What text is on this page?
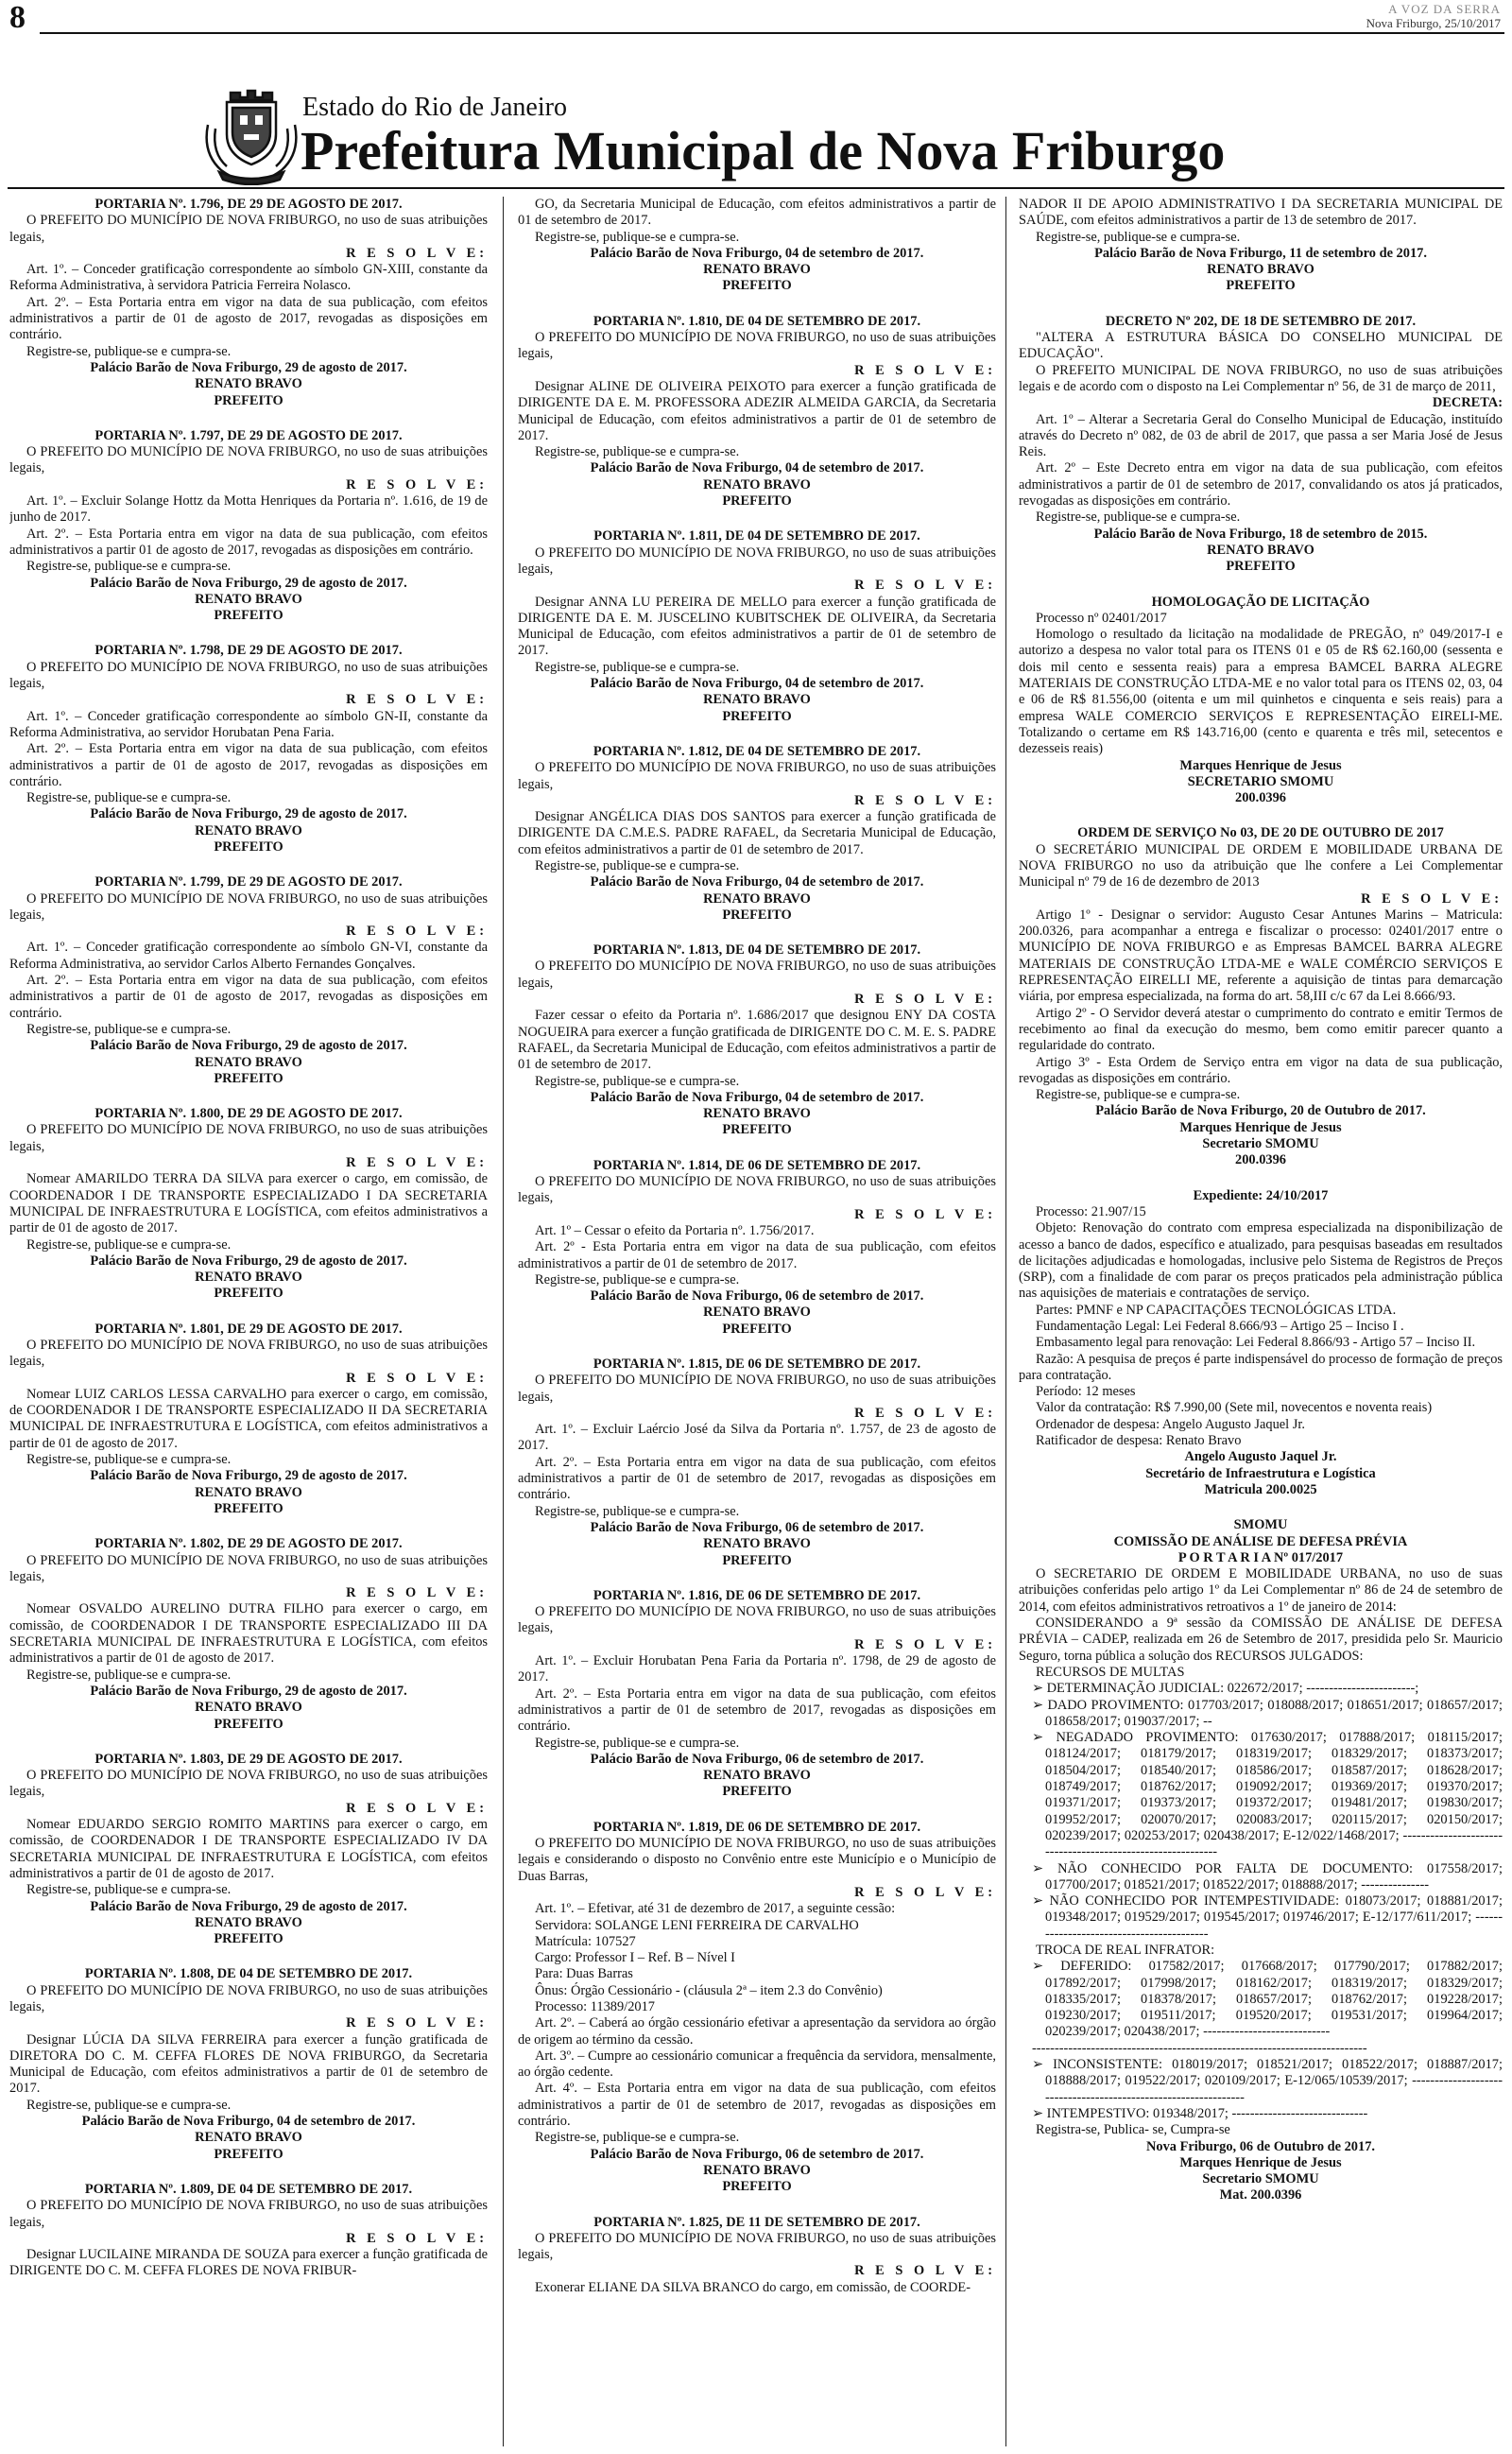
8	A VOZ DA SERRA
Nova Friburgo, 25/10/2017
Estado do Rio de Janeiro
Prefeitura Municipal de Nova Friburgo

PORTARIA Nº. 1.796, DE 29 DE AGOSTO DE 2017.

O PREFEITO DO MUNICÍPIO DE NOVA FRIBURGO, no uso de suas atribuições legais,

R E S O L V E:

Art. 1º. – Conceder gratificação correspondente ao símbolo GN-XIII, constante da Reforma Administrativa, à servidora Patricia Ferreira Nolasco.

Art. 2º. – Esta Portaria entra em vigor na data de sua publicação, com efeitos administrativos a partir de 01 de agosto de 2017, revogadas as disposições em contrário.

Registre-se, publique-se e cumpra-se.

Palácio Barão de Nova Friburgo, 29 de agosto de 2017.

RENATO BRAVO

PREFEITO

PORTARIA Nº. 1.797, DE 29 DE AGOSTO DE 2017.

O PREFEITO DO MUNICÍPIO DE NOVA FRIBURGO, no uso de suas atribuições legais,

R E S O L V E:

Art. 1º. – Excluir Solange Hottz da Motta Henriques da Portaria nº. 1.616, de 19 de junho de 2017.

Art. 2º. – Esta Portaria entra em vigor na data de sua publicação, com efeitos administrativos a partir 01 de agosto de 2017, revogadas as disposições em contrário.

Registre-se, publique-se e cumpra-se.

Palácio Barão de Nova Friburgo, 29 de agosto de 2017.

RENATO BRAVO

PREFEITO

PORTARIA Nº. 1.798, DE 29 DE AGOSTO DE 2017.

O PREFEITO DO MUNICÍPIO DE NOVA FRIBURGO, no uso de suas atribuições legais,

R E S O L V E:

Art. 1º. – Conceder gratificação correspondente ao símbolo GN-II, constante da Reforma Administrativa, ao servidor Horubatan Pena Faria.

Art. 2º. – Esta Portaria entra em vigor na data de sua publicação, com efeitos administrativos a partir de 01 de agosto de 2017, revogadas as disposições em contrário.

Registre-se, publique-se e cumpra-se.

Palácio Barão de Nova Friburgo, 29 de agosto de 2017.

RENATO BRAVO

PREFEITO

PORTARIA Nº. 1.799, DE 29 DE AGOSTO DE 2017.

O PREFEITO DO MUNICÍPIO DE NOVA FRIBURGO, no uso de suas atribuições legais,

R E S O L V E:

Art. 1º. – Conceder gratificação correspondente ao símbolo GN-VI, constante da Reforma Administrativa, ao servidor Carlos Alberto Fernandes Gonçalves.

Art. 2º. – Esta Portaria entra em vigor na data de sua publicação, com efeitos administrativos a partir de 01 de agosto de 2017, revogadas as disposições em contrário.

Registre-se, publique-se e cumpra-se.

Palácio Barão de Nova Friburgo, 29 de agosto de 2017.

RENATO BRAVO

PREFEITO

PORTARIA Nº. 1.800, DE 29 DE AGOSTO DE 2017.

O PREFEITO DO MUNICÍPIO DE NOVA FRIBURGO, no uso de suas atribuições legais,

R E S O L V E:

Nomear AMARILDO TERRA DA SILVA para exercer o cargo, em comissão, de COORDENADOR I DE TRANSPORTE ESPECIALIZADO I DA SECRETARIA MUNICIPAL DE INFRAESTRUTURA E LOGÍSTICA, com efeitos administrativos a partir de 01 de agosto de 2017.

Registre-se, publique-se e cumpra-se.

Palácio Barão de Nova Friburgo, 29 de agosto de 2017.

RENATO BRAVO

PREFEITO

PORTARIA Nº. 1.801, DE 29 DE AGOSTO DE 2017.

O PREFEITO DO MUNICÍPIO DE NOVA FRIBURGO, no uso de suas atribuições legais,

R E S O L V E:

Nomear LUIZ CARLOS LESSA CARVALHO para exercer o cargo, em comissão, de COORDENADOR I DE TRANSPORTE ESPECIALIZADO II DA SECRETARIA MUNICIPAL DE INFRAESTRUTURA E LOGÍSTICA, com efeitos administrativos a partir de 01 de agosto de 2017.

Registre-se, publique-se e cumpra-se.

Palácio Barão de Nova Friburgo, 29 de agosto de 2017.

RENATO BRAVO

PREFEITO

PORTARIA Nº. 1.802, DE 29 DE AGOSTO DE 2017.

O PREFEITO DO MUNICÍPIO DE NOVA FRIBURGO, no uso de suas atribuições legais,

R E S O L V E:

Nomear OSVALDO AURELINO DUTRA FILHO para exercer o cargo, em comissão, de COORDENADOR I DE TRANSPORTE ESPECIALIZADO III DA SECRETARIA MUNICIPAL DE INFRAESTRUTURA E LOGÍSTICA, com efeitos administrativos a partir de 01 de agosto de 2017.

Registre-se, publique-se e cumpra-se.

Palácio Barão de Nova Friburgo, 29 de agosto de 2017.

RENATO BRAVO

PREFEITO

PORTARIA Nº. 1.803, DE 29 DE AGOSTO DE 2017.

O PREFEITO DO MUNICÍPIO DE NOVA FRIBURGO, no uso de suas atribuições legais,

R E S O L V E:

Nomear EDUARDO SERGIO ROMITO MARTINS para exercer o cargo, em comissão, de COORDENADOR I DE TRANSPORTE ESPECIALIZADO IV DA SECRETARIA MUNICIPAL DE INFRAESTRUTURA E LOGÍSTICA, com efeitos administrativos a partir de 01 de agosto de 2017.

Registre-se, publique-se e cumpra-se.

Palácio Barão de Nova Friburgo, 29 de agosto de 2017.

RENATO BRAVO

PREFEITO

PORTARIA Nº. 1.808, DE 04 DE SETEMBRO DE 2017.

O PREFEITO DO MUNICÍPIO DE NOVA FRIBURGO, no uso de suas atribuições legais,

R E S O L V E:

Designar LÚCIA DA SILVA FERREIRA para exercer a função gratificada de DIRETORA DO C. M. CEFFA FLORES DE NOVA FRIBURGO, da Secretaria Municipal de Educação, com efeitos administrativos a partir de 01 de setembro de 2017.

Registre-se, publique-se e cumpra-se.

Palácio Barão de Nova Friburgo, 04 de setembro de 2017.

RENATO BRAVO

PREFEITO

PORTARIA Nº. 1.809, DE 04 DE SETEMBRO DE 2017.

O PREFEITO DO MUNICÍPIO DE NOVA FRIBURGO, no uso de suas atribuições legais,

R E S O L V E:

Designar LUCILAINE MIRANDA DE SOUZA para exercer a função gratificada de DIRIGENTE DO C. M. CEFFA FLORES DE NOVA FRIBUR-

GO, da Secretaria Municipal de Educação, com efeitos administrativos a partir de 01 de setembro de 2017.

Registre-se, publique-se e cumpra-se.

Palácio Barão de Nova Friburgo, 04 de setembro de 2017.

RENATO BRAVO

PREFEITO

PORTARIA Nº. 1.810, DE 04 DE SETEMBRO DE 2017.

O PREFEITO DO MUNICÍPIO DE NOVA FRIBURGO, no uso de suas atribuições legais,

R E S O L V E:

Designar ALINE DE OLIVEIRA PEIXOTO para exercer a função gratificada de DIRIGENTE DA E. M. PROFESSORA ADEZIR ALMEIDA GARCIA, da Secretaria Municipal de Educação, com efeitos administrativos a partir de 01 de setembro de 2017.

Registre-se, publique-se e cumpra-se.

Palácio Barão de Nova Friburgo, 04 de setembro de 2017.

RENATO BRAVO

PREFEITO

PORTARIA Nº. 1.811, DE 04 DE SETEMBRO DE 2017.

O PREFEITO DO MUNICÍPIO DE NOVA FRIBURGO, no uso de suas atribuições legais,

R E S O L V E:

Designar ANNA LU PEREIRA DE MELLO para exercer a função gratificada de DIRIGENTE DA E. M. JUSCELINO KUBITSCHEK DE OLIVEIRA, da Secretaria Municipal de Educação, com efeitos administrativos a partir de 01 de setembro de 2017.

Registre-se, publique-se e cumpra-se.

Palácio Barão de Nova Friburgo, 04 de setembro de 2017.

RENATO BRAVO

PREFEITO

PORTARIA Nº. 1.812, DE 04 DE SETEMBRO DE 2017.

O PREFEITO DO MUNICÍPIO DE NOVA FRIBURGO, no uso de suas atribuições legais,

R E S O L V E:

Designar ANGÉLICA DIAS DOS SANTOS para exercer a função gratificada de DIRIGENTE DA C.M.E.S. PADRE RAFAEL, da Secretaria Municipal de Educação, com efeitos administrativos a partir de 01 de setembro de 2017.

Registre-se, publique-se e cumpra-se.

Palácio Barão de Nova Friburgo, 04 de setembro de 2017.

RENATO BRAVO

PREFEITO

PORTARIA Nº. 1.813, DE 04 DE SETEMBRO DE 2017.

O PREFEITO DO MUNICÍPIO DE NOVA FRIBURGO, no uso de suas atribuições legais,

R E S O L V E:

Fazer cessar o efeito da Portaria nº. 1.686/2017 que designou ENY DA COSTA NOGUEIRA para exercer a função gratificada de DIRIGENTE DO C. M. E. S. PADRE RAFAEL, da Secretaria Municipal de Educação, com efeitos administrativos a partir de 01 de setembro de 2017.

Registre-se, publique-se e cumpra-se.

Palácio Barão de Nova Friburgo, 04 de setembro de 2017.

RENATO BRAVO

PREFEITO

PORTARIA Nº. 1.814, DE 06 DE SETEMBRO DE 2017.

O PREFEITO DO MUNICÍPIO DE NOVA FRIBURGO, no uso de suas atribuições legais,

R E S O L V E:

Art. 1º – Cessar o efeito da Portaria nº. 1.756/2017.

Art. 2º - Esta Portaria entra em vigor na data de sua publicação, com efeitos administrativos a partir de 01 de setembro de 2017.

Registre-se, publique-se e cumpra-se.

Palácio Barão de Nova Friburgo, 06 de setembro de 2017.

RENATO BRAVO

PREFEITO

PORTARIA Nº. 1.815, DE 06 DE SETEMBRO DE 2017.

O PREFEITO DO MUNICÍPIO DE NOVA FRIBURGO, no uso de suas atribuições legais,

R E S O L V E:

Art. 1º. – Excluir Laércio José da Silva da Portaria nº. 1.757, de 23 de agosto de 2017.

Art. 2º. – Esta Portaria entra em vigor na data de sua publicação, com efeitos administrativos a partir de 01 de setembro de 2017, revogadas as disposições em contrário.

Registre-se, publique-se e cumpra-se.

Palácio Barão de Nova Friburgo, 06 de setembro de 2017.

RENATO BRAVO

PREFEITO

PORTARIA Nº. 1.816, DE 06 DE SETEMBRO DE 2017.

O PREFEITO DO MUNICÍPIO DE NOVA FRIBURGO, no uso de suas atribuições legais,

R E S O L V E:

Art. 1º. – Excluir Horubatan Pena Faria da Portaria nº. 1798, de 29 de agosto de 2017.

Art. 2º. – Esta Portaria entra em vigor na data de sua publicação, com efeitos administrativos a partir de 01 de setembro de 2017, revogadas as disposições em contrário.

Registre-se, publique-se e cumpra-se.

Palácio Barão de Nova Friburgo, 06 de setembro de 2017.

RENATO BRAVO

PREFEITO

PORTARIA Nº. 1.819, DE 06 DE SETEMBRO DE 2017.

O PREFEITO DO MUNICÍPIO DE NOVA FRIBURGO, no uso de suas atribuições legais e considerando o disposto no Convênio entre este Município e o Município de Duas Barras,

R E S O L V E:

Art. 1º. – Efetivar, até 31 de dezembro de 2017, a seguinte cessão:

Servidora: SOLANGE LENI FERREIRA DE CARVALHO

Matrícula: 107527

Cargo: Professor I – Ref. B – Nível I

Para: Duas Barras

Ônus: Órgão Cessionário - (cláusula 2ª – item 2.3 do Convênio)

Processo: 11389/2017

Art. 2º. – Caberá ao órgão cessionário efetivar a apresentação da servidora ao órgão de origem ao término da cessão.

Art. 3º. – Cumpre ao cessionário comunicar a frequência da servidora, mensalmente, ao órgão cedente.

Art. 4º. – Esta Portaria entra em vigor na data de sua publicação, com efeitos administrativos a partir de 01 de setembro de 2017, revogadas as disposições em contrário.

Registre-se, publique-se e cumpra-se.

Palácio Barão de Nova Friburgo, 06 de setembro de 2017.

RENATO BRAVO

PREFEITO

PORTARIA Nº. 1.825, DE 11 DE SETEMBRO DE 2017.

O PREFEITO DO MUNICÍPIO DE NOVA FRIBURGO, no uso de suas atribuições legais,

R E S O L V E:

Exonerar ELIANE DA SILVA BRANCO do cargo, em comissão, de COORDE-

NADOR II DE APOIO ADMINISTRATIVO I DA SECRETARIA MUNICIPAL DE SAÚDE, com efeitos administrativos a partir de 13 de setembro de 2017.

Registre-se, publique-se e cumpra-se.

Palácio Barão de Nova Friburgo, 11 de setembro de 2017.

RENATO BRAVO

PREFEITO

DECRETO Nº 202, DE 18 DE SETEMBRO DE 2017.

"ALTERA A ESTRUTURA BÁSICA DO CONSELHO MUNICIPAL DE EDUCAÇÃO".

O PREFEITO MUNICIPAL DE NOVA FRIBURGO, no uso de suas atribuições legais e de acordo com o disposto na Lei Complementar nº 56, de 31 de março de 2011,

DECRETA:

Art. 1º – Alterar a Secretaria Geral do Conselho Municipal de Educação, instituído através do Decreto nº 082, de 03 de abril de 2017, que passa a ser Maria José de Jesus Reis.

Art. 2º – Este Decreto entra em vigor na data de sua publicação, com efeitos administrativos a partir de 01 de setembro de 2017, convalidando os atos já praticados, revogadas as disposições em contrário.

Registre-se, publique-se e cumpra-se.

Palácio Barão de Nova Friburgo, 18 de setembro de 2015.

RENATO BRAVO

PREFEITO

HOMOLOGAÇÃO DE LICITAÇÃO

Processo nº 02401/2017

Homologo o resultado da licitação na modalidade de PREGÃO, nº 049/2017-I e autorizo a despesa no valor total para os ITENS 01 e 05 de R$ 62.160,00 (sessenta e dois mil cento e sessenta reais) para a empresa BAMCEL BARRA ALEGRE MATERIAIS DE CONSTRUÇÃO LTDA-ME e no valor total para os ITENS 02, 03, 04 e 06 de R$ 81.556,00 (oitenta e um mil quinhetos e cinquenta e seis reais) para a empresa WALE COMERCIO SERVIÇOS E REPRESENTAÇÃO EIRELI-ME. Totalizando o certame em R$ 143.716,00 (cento e quarenta e três mil, setecentos e dezesseis reais)

Marques Henrique de Jesus

SECRETARIO SMOMU

200.0396

ORDEM DE SERVIÇO No 03, DE 20 DE OUTUBRO DE 2017

O SECRETÁRIO MUNICIPAL DE ORDEM E MOBILIDADE URBANA DE NOVA FRIBURGO no uso da atribuição que lhe confere a Lei Complementar Municipal nº 79 de 16 de dezembro de 2013

R E S O L V E:

Artigo 1º - Designar o servidor: Augusto Cesar Antunes Marins – Matricula: 200.0326, para acompanhar a entrega e fiscalizar o processo: 02401/2017 entre o MUNICÍPIO DE NOVA FRIBURGO e as Empresas BAMCEL BARRA ALEGRE MATERIAIS DE CONSTRUÇÃO LTDA-ME e WALE COMÉRCIO SERVIÇOS E REPRESENTAÇÃO EIRELLI ME, referente a aquisição de tintas para demarcação viária, por empresa especializada, na forma do art. 58,III c/c 67 da Lei 8.666/93.

Artigo 2º - O Servidor deverá atestar o cumprimento do contrato e emitir Termos de recebimento ao final da execução do mesmo, bem como emitir parecer quanto a regularidade do contrato.

Artigo 3º - Esta Ordem de Serviço entra em vigor na data de sua publicação, revogadas as disposições em contrário.

Registre-se, publique-se e cumpra-se.

Palácio Barão de Nova Friburgo, 20 de Outubro de 2017.

Marques Henrique de Jesus

Secretario SMOMU

200.0396

Expediente: 24/10/2017

Processo: 21.907/15

Objeto: Renovação do contrato com empresa especializada na disponibilização de acesso a banco de dados, específico e atualizado, para pesquisas baseadas em resultados de licitações adjudicadas e homologadas, inclusive pelo Sistema de Registros de Preços (SRP), com a finalidade de com parar os preços praticados pela administração pública nas aquisições de materiais e contratações de serviço.

Partes: PMNF e NP CAPACITAÇÕES TECNOLÓGICAS LTDA.

Fundamentação Legal: Lei Federal 8.666/93 – Artigo 25 – Inciso I .

Embasamento legal para renovação: Lei Federal 8.866/93 - Artigo 57 – Inciso II.

Razão: A pesquisa de preços é parte indispensável do processo de formação de preços para contratação.

Período: 12 meses

Valor da contratação: R$ 7.990,00 (Sete mil, novecentos e noventa reais)

Ordenador de despesa: Angelo Augusto Jaquel Jr.

Ratificador de despesa: Renato Bravo

Angelo Augusto Jaquel Jr.

Secretário de Infraestrutura e Logística

Matricula 200.0025

SMOMU

COMISSÃO DE ANÁLISE DE DEFESA PRÉVIA

P O R T A R I A Nº 017/2017

O SECRETARIO DE ORDEM E MOBILIDADE URBANA, no uso de suas atribuições conferidas pelo artigo 1º da Lei Complementar nº 86 de 24 de setembro de 2014, com efeitos administrativos retroativos a 1º de janeiro de 2014:

CONSIDERANDO a 9ª sessão da COMISSÃO DE ANÁLISE DE DEFESA PRÉVIA – CADEP, realizada em 26 de Setembro de 2017, presidida pelo Sr. Mauricio Seguro, torna pública a solução dos RECURSOS JULGADOS:

RECURSOS DE MULTAS

➢ DETERMINAÇÃO JUDICIAL: 022672/2017; ------------------------;

➢ DADO PROVIMENTO: 017703/2017; 018088/2017; 018651/2017; 018657/2017; 018658/2017; 019037/2017; --

➢ NEGADADO PROVIMENTO: 017630/2017; 017888/2017; 018115/2017; 018124/2017; 018179/2017; 018319/2017; 018329/2017; 018373/2017; 018504/2017; 018540/2017; 018586/2017; 018587/2017; 018628/2017; 018749/2017; 018762/2017; 019092/2017; 019369/2017; 019370/2017; 019371/2017; 019373/2017; 019372/2017; 019481/2017; 019830/2017; 019952/2017; 020070/2017; 020083/2017; 020115/2017; 020150/2017; 020239/2017; 020253/2017; 020438/2017; E-12/022/1468/2017; ------------------------------------------------------------

➢ NÃO CONHECIDO POR FALTA DE DOCUMENTO: 017558/2017; 017700/2017; 018521/2017; 018522/2017; 018888/2017; ---------------

➢ NÃO CONHECIDO POR INTEMPESTIVIDADE: 018073/2017; 018881/2017; 019348/2017; 019529/2017; 019545/2017; 019746/2017; E-12/177/611/2017; ------------------------------------------

TROCA DE REAL INFRATOR:

➢ DEFERIDO: 017582/2017; 017668/2017; 017790/2017; 017882/2017; 017892/2017; 017998/2017; 018162/2017; 018319/2017; 018329/2017; 018335/2017; 018378/2017; 018657/2017; 018762/2017; 019228/2017; 019230/2017; 019511/2017; 019520/2017; 019531/2017; 019964/2017; 020239/2017; 020438/2017; ----------------------------

--------------------------------------------------------------------------

➢ INCONSISTENTE: 018019/2017; 018521/2017; 018522/2017; 018887/2017; 018888/2017; 019522/2017; 020109/2017; E-12/065/10539/2017; ----------------------------------------------------------------

➢ INTEMPESTIVO: 019348/2017; ------------------------------

Registra-se, Publica- se, Cumpra-se

Nova Friburgo, 06 de Outubro de 2017.

Marques Henrique de Jesus

Secretario SMOMU

Mat. 200.0396
